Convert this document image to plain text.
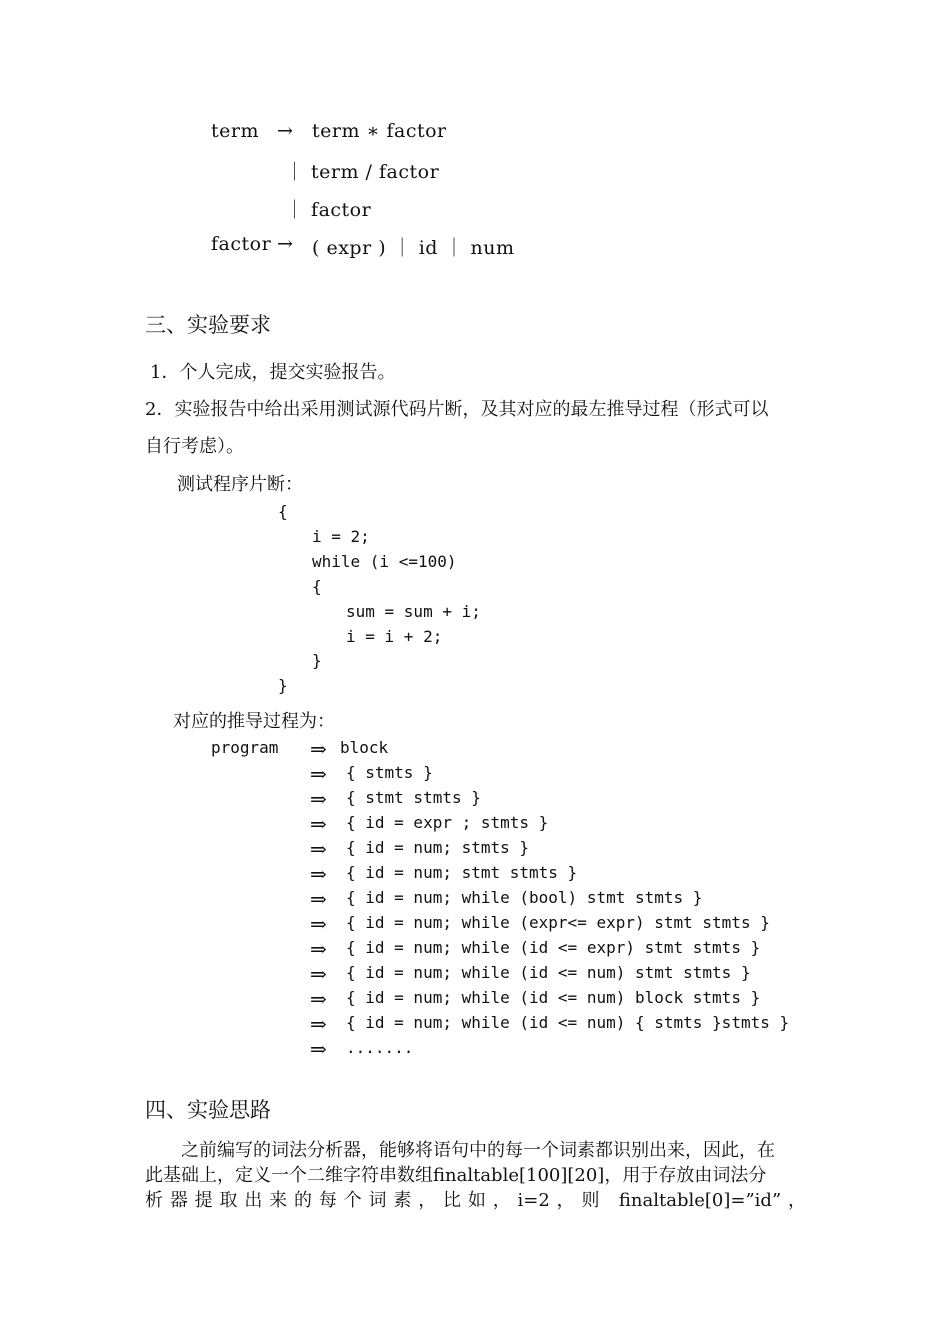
term → term ∗ factor
｜ term / factor
｜ factor
factor → ( expr ) ｜ id ｜ num
三、实验要求
1．个人完成，提交实验报告。
2．实验报告中给出采用测试源代码片断，及其对应的最左推导过程（形式可以
自行考虑）。
测试程序片断：
{
i = 2;
while (i <=100)
{
sum = sum + i;
i = i + 2;
}
}
对应的推导过程为：
program ⇒ block
⇒ { stmts }
⇒ { stmt stmts }
⇒ { id = expr ; stmts }
⇒ { id = num; stmts }
⇒ { id = num; stmt stmts }
⇒ { id = num; while (bool) stmt stmts }
⇒ { id = num; while (expr<= expr) stmt stmts }
⇒ { id = num; while (id <= expr) stmt stmts }
⇒ { id = num; while (id <= num) stmt stmts }
⇒ { id = num; while (id <= num) block stmts }
⇒ { id = num; while (id <= num) { stmts }stmts }
⇒ .......
四、实验思路
之前编写的词法分析器，能够将语句中的每一个词素都识别出来，因此，在
此基础上，定义一个二维字符串数组finaltable[100][20]，用于存放由词法分
析器提取出来的每个词素，比如，i=2，则 finaltable[0]=”id”，
